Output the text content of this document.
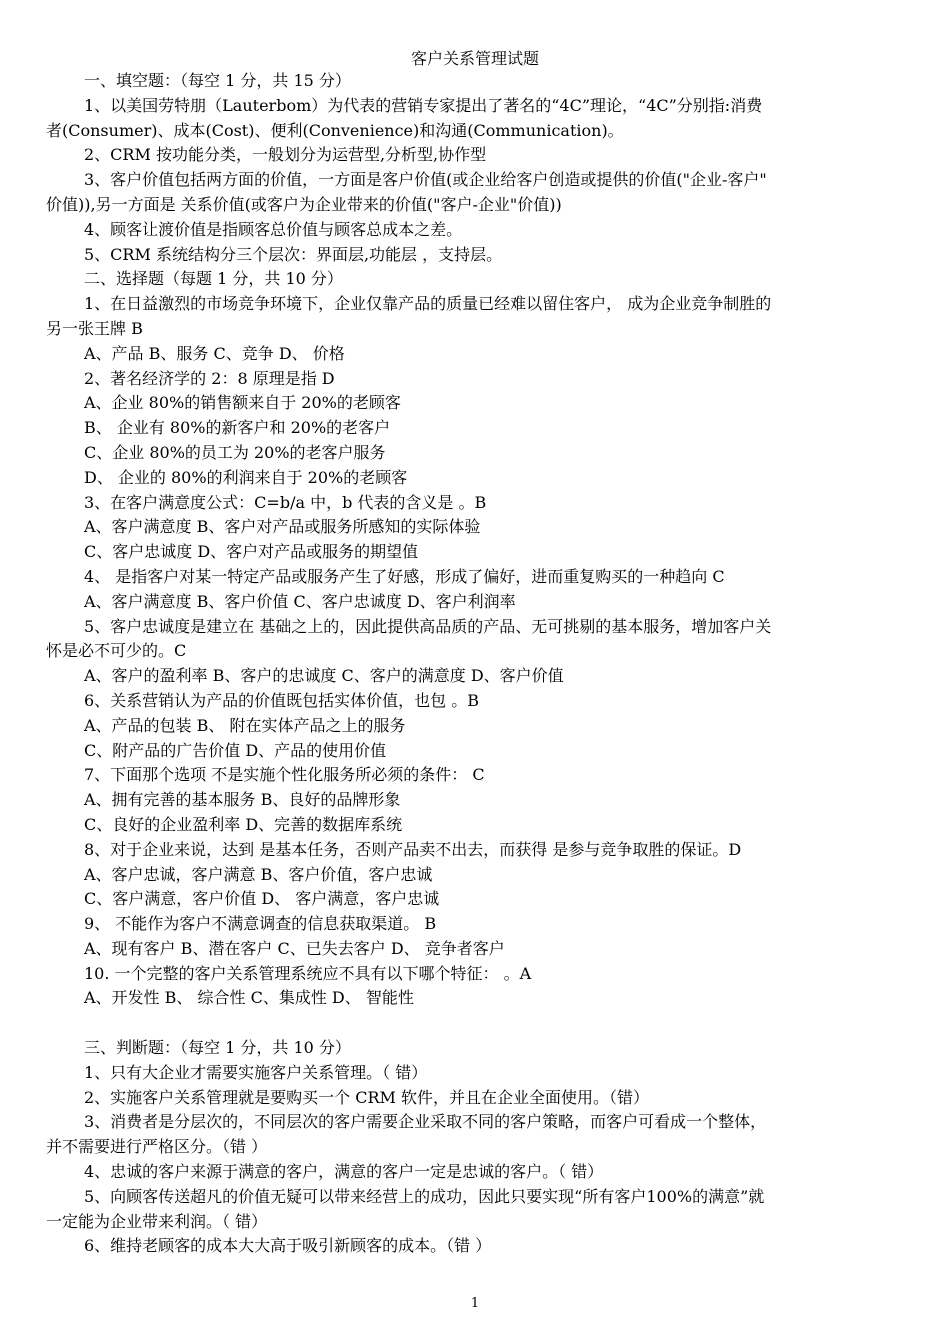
客户关系管理试题
一、填空题：（每空 1 分，共 15 分）
1、以美国劳特朋（Lauterbom）为代表的营销专家提出了著名的“4C”理论，“4C”分别指:消费
者(Consumer)、成本(Cost)、便利(Convenience)和沟通(Communication)。
2、CRM 按功能分类，一般划分为运营型,分析型,协作型
3、客户价值包括两方面的价值，一方面是客户价值(或企业给客户创造或提供的价值("企业-客户"
价值)),另一方面是 关系价值(或客户为企业带来的价值("客户-企业"价值))
4、顾客让渡价值是指顾客总价值与顾客总成本之差。
5、CRM 系统结构分三个层次：界面层,功能层 ，支持层。
二、选择题（每题 1 分，共 10 分）
1、在日益激烈的市场竞争环境下，企业仅靠产品的质量已经难以留住客户， 成为企业竞争制胜的
另一张王牌 B
A、产品 B、服务 C、竞争 D、 价格
2、著名经济学的 2：8 原理是指 D
A、企业 80%的销售额来自于 20%的老顾客
B、 企业有 80%的新客户和 20%的老客户
C、企业 80%的员工为 20%的老客户服务
D、 企业的 80%的利润来自于 20%的老顾客
3、在客户满意度公式：C=b/a 中，b 代表的含义是 。B
A、客户满意度 B、客户对产品或服务所感知的实际体验
C、客户忠诚度 D、客户对产品或服务的期望值
4、 是指客户对某一特定产品或服务产生了好感，形成了偏好，进而重复购买的一种趋向 C
A、客户满意度 B、客户价值 C、客户忠诚度 D、客户利润率
5、客户忠诚度是建立在 基础之上的，因此提供高品质的产品、无可挑剔的基本服务，增加客户关
怀是必不可少的。C
A、客户的盈利率 B、客户的忠诚度 C、客户的满意度 D、客户价值
6、关系营销认为产品的价值既包括实体价值，也包 。B
A、产品的包装 B、 附在实体产品之上的服务
C、附产品的广告价值 D、产品的使用价值
7、下面那个选项 不是实施个性化服务所必须的条件： C
A、拥有完善的基本服务 B、良好的品牌形象
C、良好的企业盈利率 D、完善的数据库系统
8、对于企业来说，达到 是基本任务，否则产品卖不出去，而获得 是参与竞争取胜的保证。D
A、客户忠诚，客户满意 B、客户价值，客户忠诚
C、客户满意，客户价值 D、 客户满意，客户忠诚
9、 不能作为客户不满意调查的信息获取渠道。 B
A、现有客户 B、潜在客户 C、已失去客户 D、 竞争者客户
10. 一个完整的客户关系管理系统应不具有以下哪个特征： 。A
A、开发性 B、 综合性 C、集成性 D、 智能性
三、判断题：（每空 1 分，共 10 分）
1、只有大企业才需要实施客户关系管理。（ 错）
2、实施客户关系管理就是要购买一个 CRM 软件，并且在企业全面使用。（错）
3、消费者是分层次的，不同层次的客户需要企业采取不同的客户策略，而客户可看成一个整体，
并不需要进行严格区分。（错 ）
4、忠诚的客户来源于满意的客户，满意的客户一定是忠诚的客户。（ 错）
5、向顾客传送超凡的价值无疑可以带来经营上的成功，因此只要实现“所有客户100%的满意”就
一定能为企业带来利润。（ 错）
6、维持老顾客的成本大大高于吸引新顾客的成本。（错 ）
1
